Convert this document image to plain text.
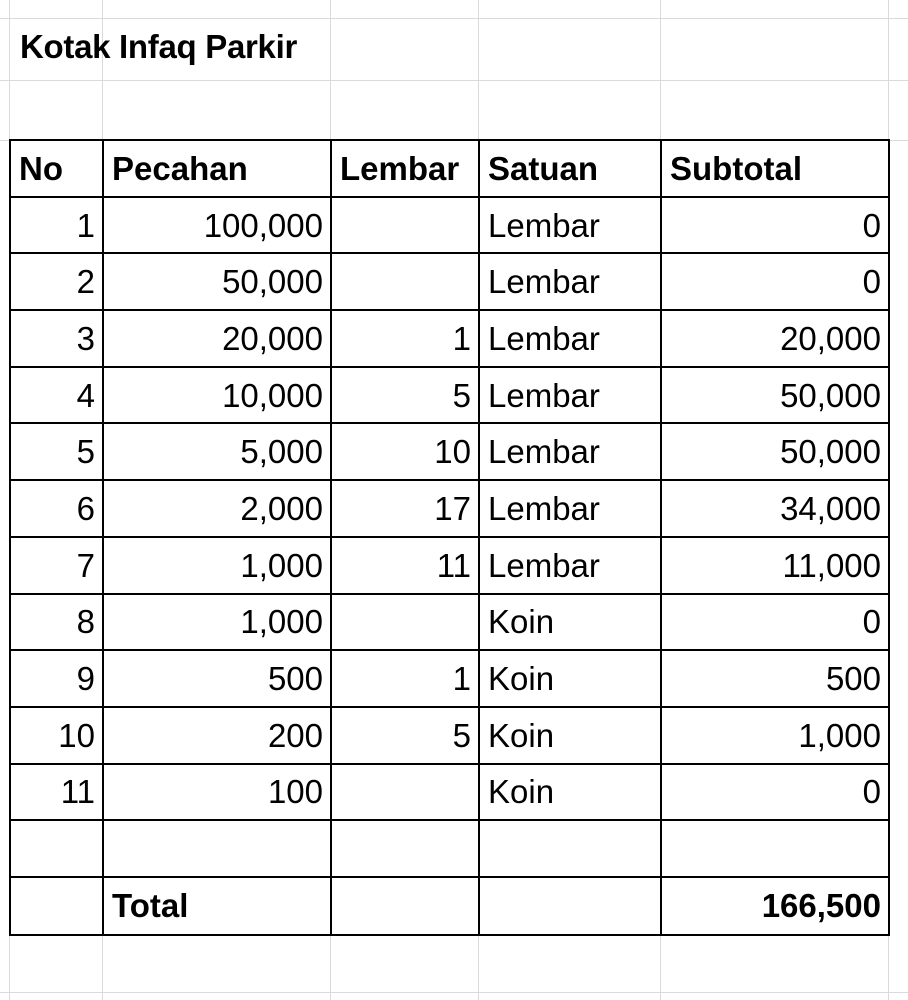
Kotak Infaq Parkir
No	Pecahan	Lembar	Satuan	Subtotal
1	100,000		Lembar	0
2	50,000		Lembar	0
3	20,000	1	Lembar	20,000
4	10,000	5	Lembar	50,000
5	5,000	10	Lembar	50,000
6	2,000	17	Lembar	34,000
7	1,000	11	Lembar	11,000
8	1,000		Koin	0
9	500	1	Koin	500
10	200	5	Koin	1,000
11	100		Koin	0

	Total			166,500
